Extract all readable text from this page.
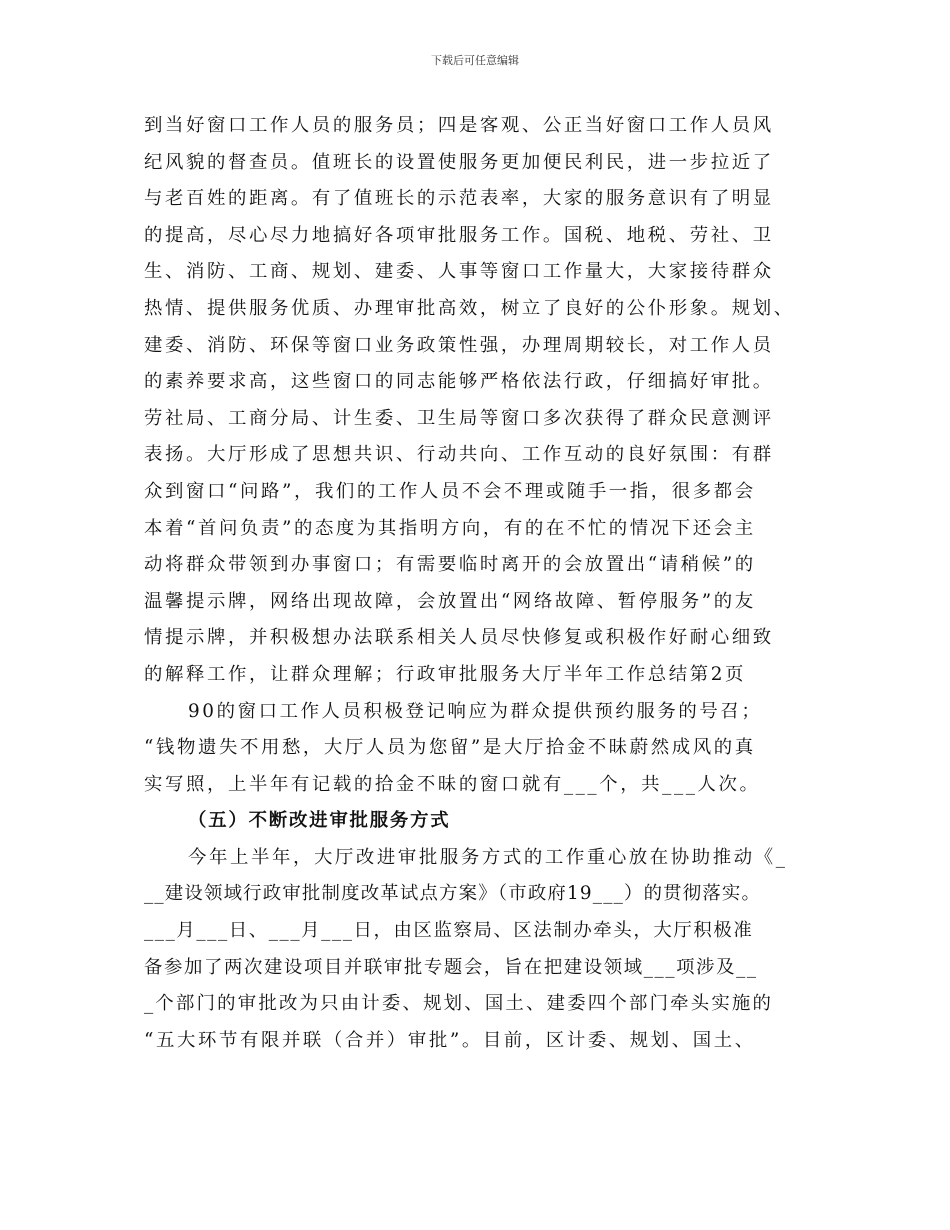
下载后可任意编辑
到当好窗口工作人员的服务员；四是客观、公正当好窗口工作人员风
纪风貌的督查员。值班长的设置使服务更加便民利民，进一步拉近了
与老百姓的距离。有了值班长的示范表率，大家的服务意识有了明显
的提高，尽心尽力地搞好各项审批服务工作。国税、地税、劳社、卫
生、消防、工商、规划、建委、人事等窗口工作量大，大家接待群众
热情、提供服务优质、办理审批高效，树立了良好的公仆形象。规划、
建委、消防、环保等窗口业务政策性强，办理周期较长，对工作人员
的素养要求高，这些窗口的同志能够严格依法行政，仔细搞好审批。
劳社局、工商分局、计生委、卫生局等窗口多次获得了群众民意测评
表扬。大厅形成了思想共识、行动共向、工作互动的良好氛围：有群
众到窗口“问路”，我们的工作人员不会不理或随手一指，很多都会
本着“首问负责”的态度为其指明方向，有的在不忙的情况下还会主
动将群众带领到办事窗口；有需要临时离开的会放置出“请稍候”的
温馨提示牌，网络出现故障，会放置出“网络故障、暂停服务”的友
情提示牌，并积极想办法联系相关人员尽快修复或积极作好耐心细致
的解释工作，让群众理解；行政审批服务大厅半年工作总结第2页
90的窗口工作人员积极登记响应为群众提供预约服务的号召；
“钱物遗失不用愁，大厅人员为您留”是大厅拾金不昧蔚然成风的真
实写照，上半年有记载的拾金不昧的窗口就有___个，共___人次。
（五）不断改进审批服务方式
今年上半年，大厅改进审批服务方式的工作重心放在协助推动《_
__建设领域行政审批制度改革试点方案》（市政府19___）的贯彻落实。
___月___日、___月___日，由区监察局、区法制办牵头，大厅积极准
备参加了两次建设项目并联审批专题会，旨在把建设领域___项涉及__
_个部门的审批改为只由计委、规划、国土、建委四个部门牵头实施的
“五大环节有限并联（合并）审批”。目前，区计委、规划、国土、
